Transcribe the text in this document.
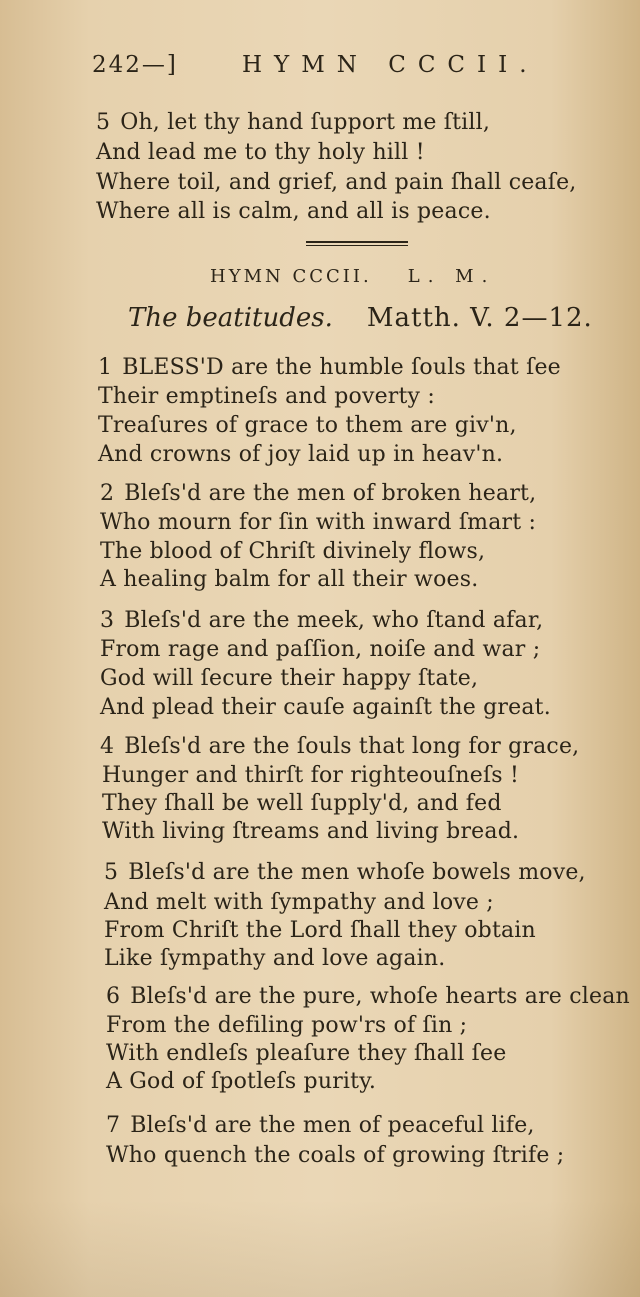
242—]	HYMN CCCII.
5 Oh, let thy hand ſupport me ſtill,
And lead me to thy holy hill !
Where toil, and grief, and pain ſhall ceaſe,
Where all is calm, and all is peace.
HYMN CCCII. L. M.
The beatitudes. Matth. V. 2—12.
1 BLESS'D are the humble ſouls that ſee
Their emptineſs and poverty :
Treaſures of grace to them are giv'n,
And crowns of joy laid up in heav'n.
2 Bleſs'd are the men of broken heart,
Who mourn for ſin with inward ſmart :
The blood of Chriſt divinely flows,
A healing balm for all their woes.
3 Bleſs'd are the meek, who ſtand afar,
From rage and paſſion, noiſe and war ;
God will ſecure their happy ſtate,
And plead their cauſe againſt the great.
4 Bleſs'd are the ſouls that long for grace,
Hunger and thirſt for righteouſneſs !
They ſhall be well ſupply'd, and fed
With living ſtreams and living bread.
5 Bleſs'd are the men whoſe bowels move,
And melt with ſympathy and love ;
From Chriſt the Lord ſhall they obtain
Like ſympathy and love again.
6 Bleſs'd are the pure, whoſe hearts are clean
From the defiling pow'rs of ſin ;
With endleſs pleaſure they ſhall ſee
A God of ſpotleſs purity.
7 Bleſs'd are the men of peaceful life,
Who quench the coals of growing ſtrife ;
